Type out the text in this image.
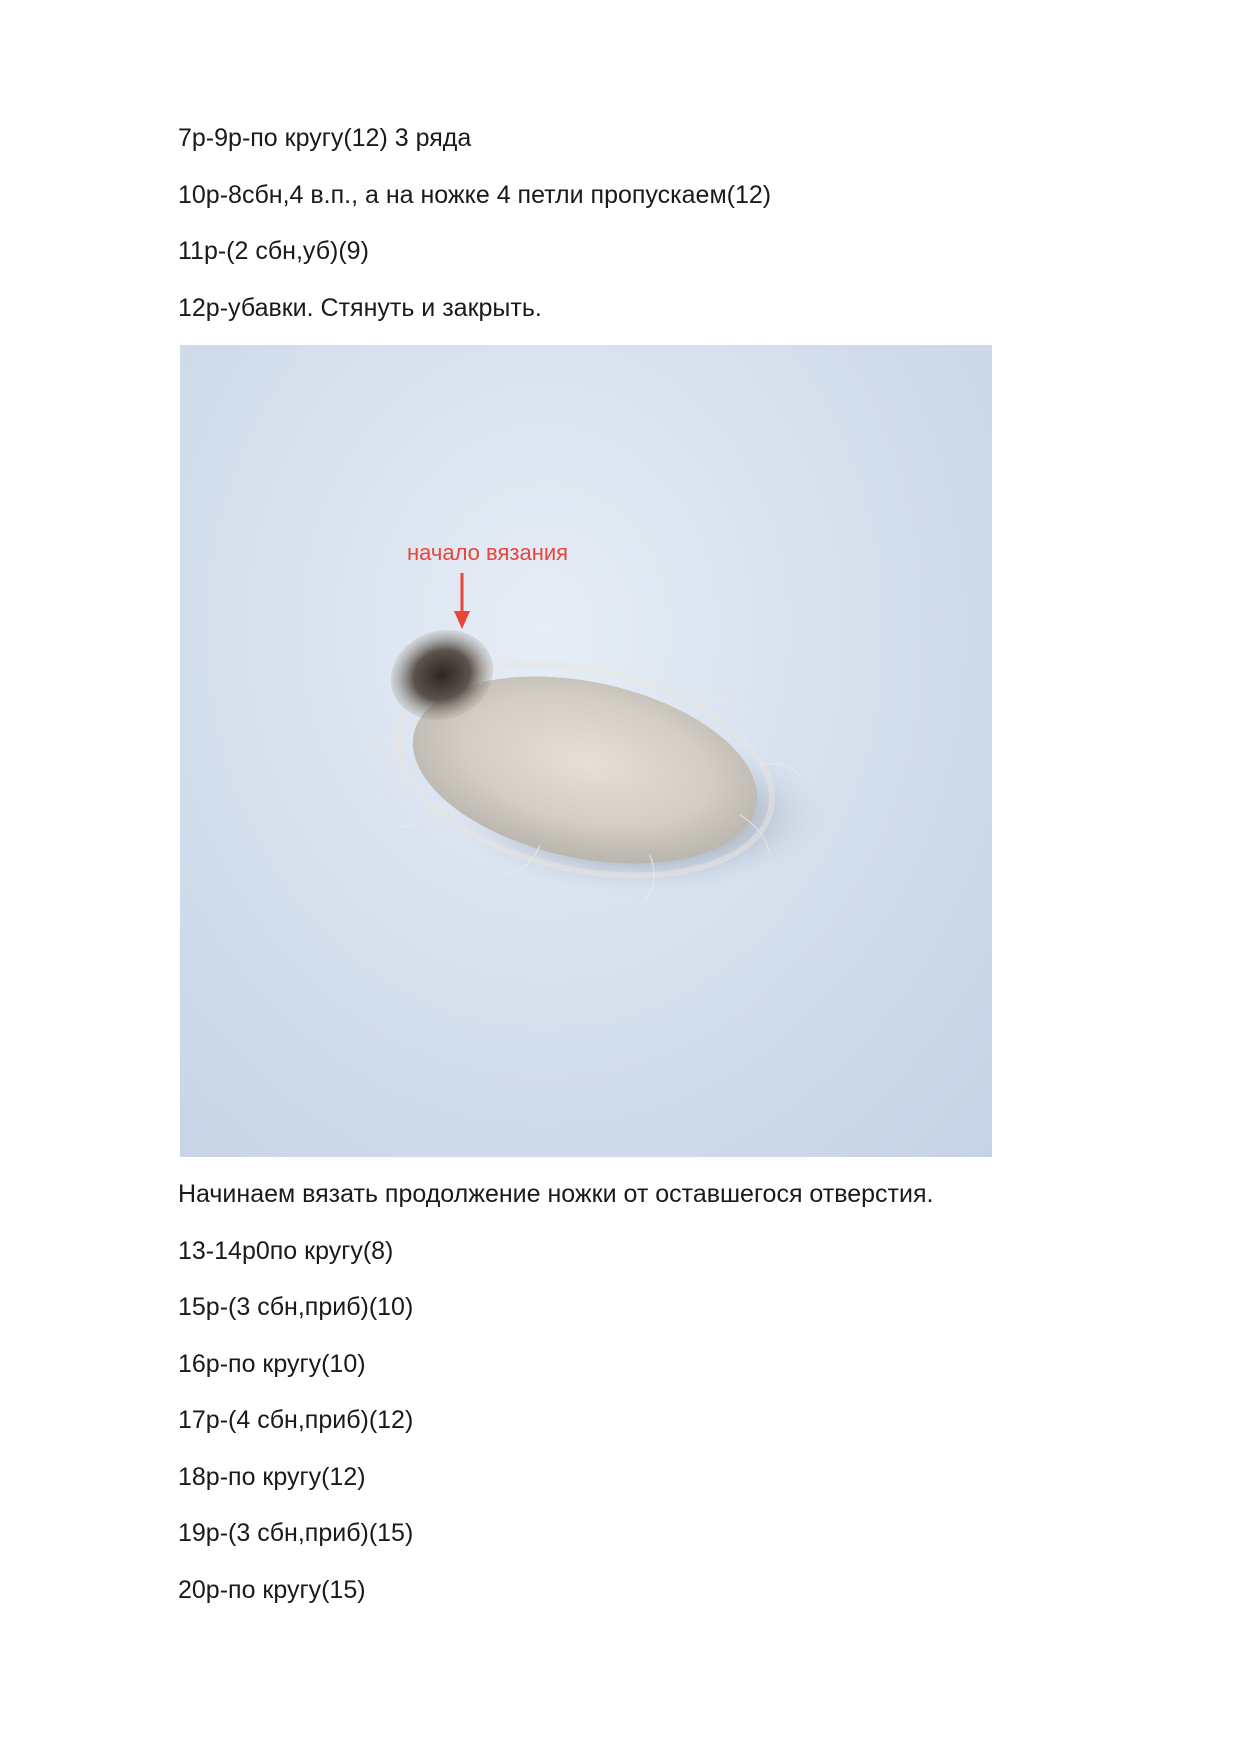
7р-9р-по кругу(12) 3 ряда
10р-8сбн,4 в.п., а на ножке 4 петли пропускаем(12)
11р-(2 сбн,уб)(9)
12р-убавки. Стянуть и закрыть.
начало вязания
Начинаем вязать продолжение ножки от оставшегося отверстия.
13-14р0по кругу(8)
15р-(3 сбн,приб)(10)
16р-по кругу(10)
17р-(4 сбн,приб)(12)
18р-по кругу(12)
19р-(3 сбн,приб)(15)
20р-по кругу(15)
